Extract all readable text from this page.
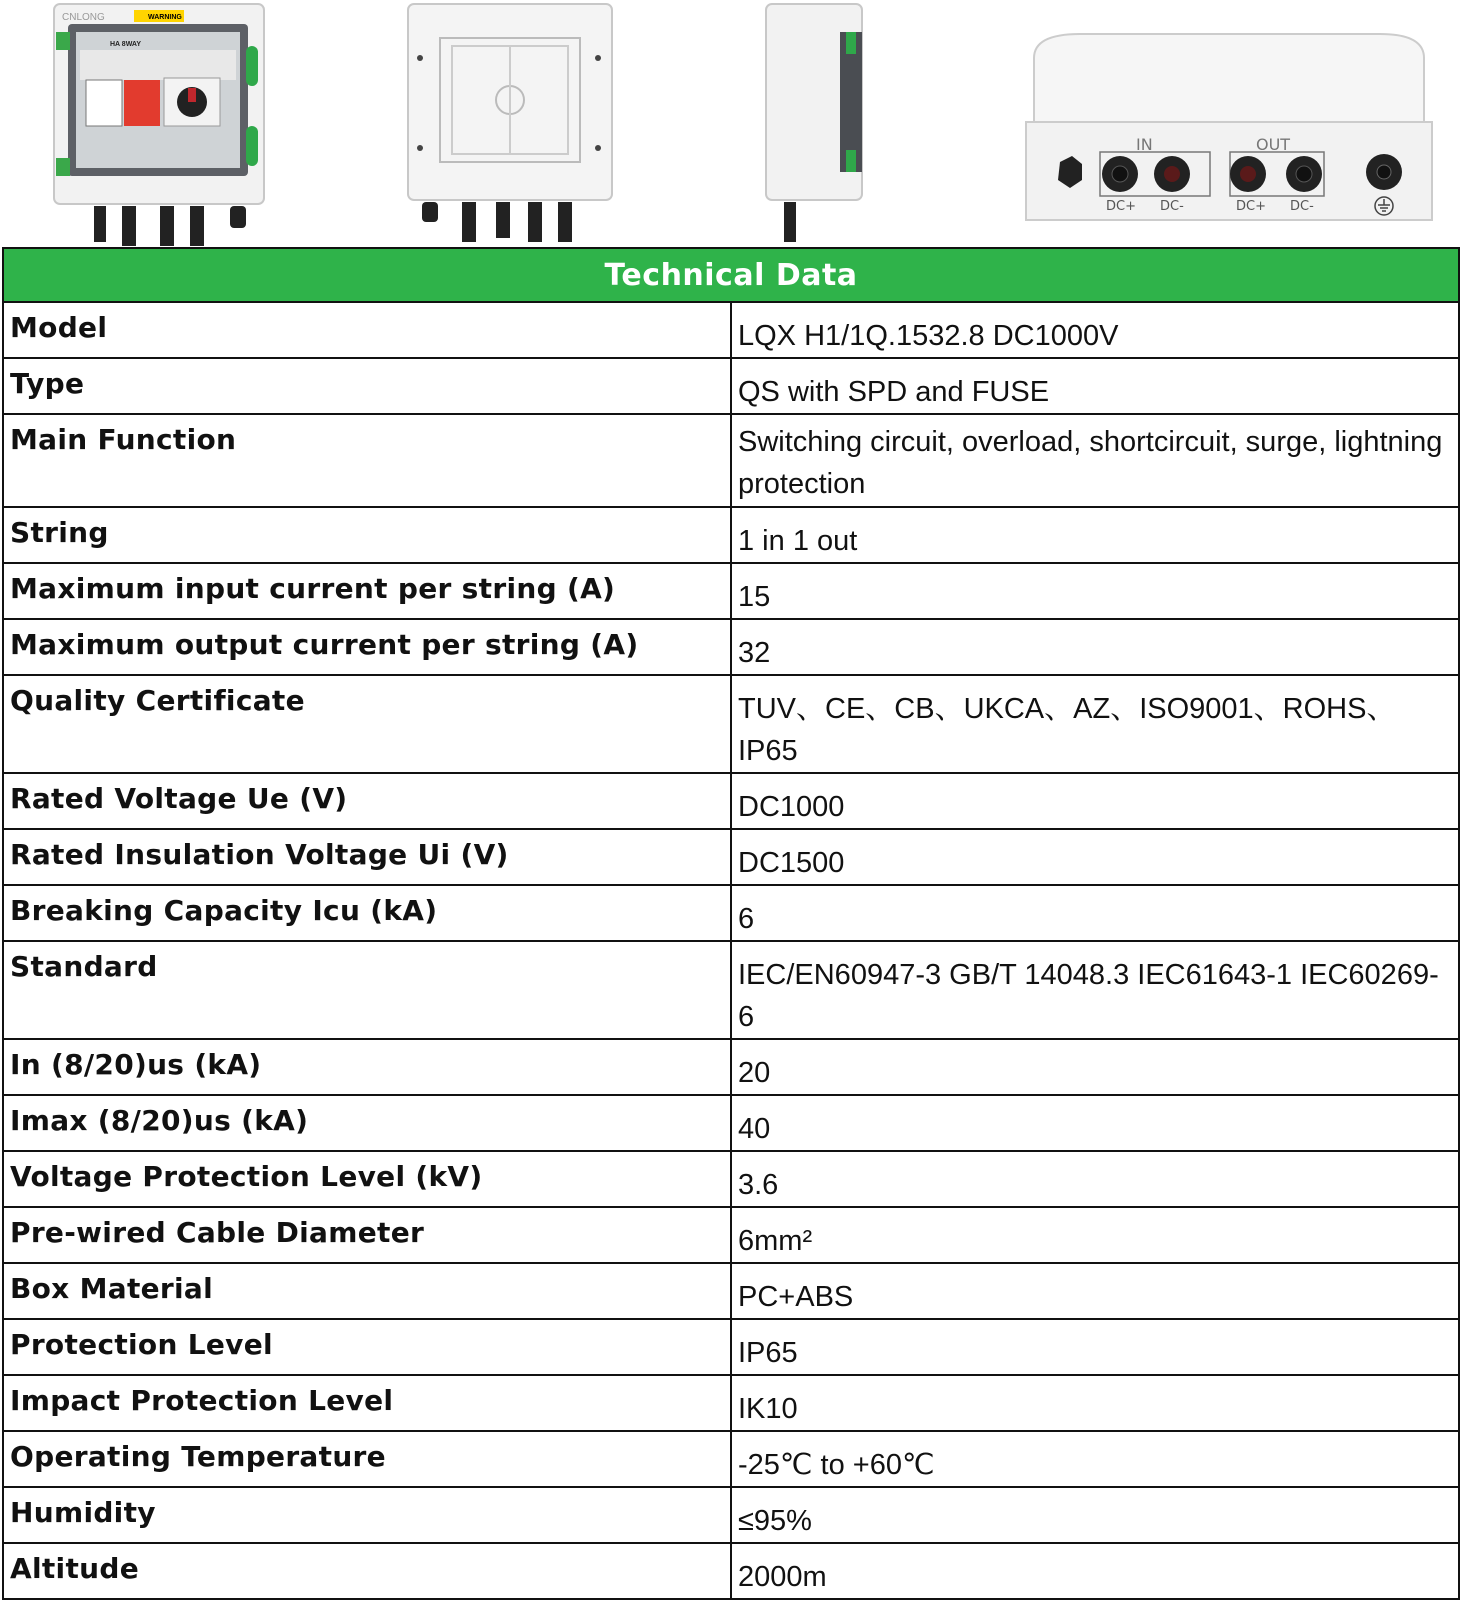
CNLONG	WARNING
HA 8WAY
IN	OUT
DC+ DC-	DC+ DC-
Technical Data	
Model	LQX H1/1Q.1532.8 DC1000V
Type	QS with SPD and FUSE
Main Function	Switching circuit, overload, shortcircuit, surge, lightning protection
String	1 in 1 out
Maximum input current per string (A)	15
Maximum output current per string (A)	32
Quality Certificate	TUV、CE、CB、UKCA、AZ、ISO9001、ROHS、IP65
Rated Voltage Ue (V)	DC1000
Rated Insulation Voltage Ui (V)	DC1500
Breaking Capacity Icu (kA)	6
Standard	IEC/EN60947-3 GB/T 14048.3 IEC61643-1 IEC60269-6
In (8/20)us (kA)	20
Imax (8/20)us (kA)	40
Voltage Protection Level (kV)	3.6
Pre-wired Cable Diameter	6mm²
Box Material	PC+ABS
Protection Level	IP65
Impact Protection Level	IK10
Operating Temperature	-25℃ to +60℃
Humidity	≤95%
Altitude	2000m
